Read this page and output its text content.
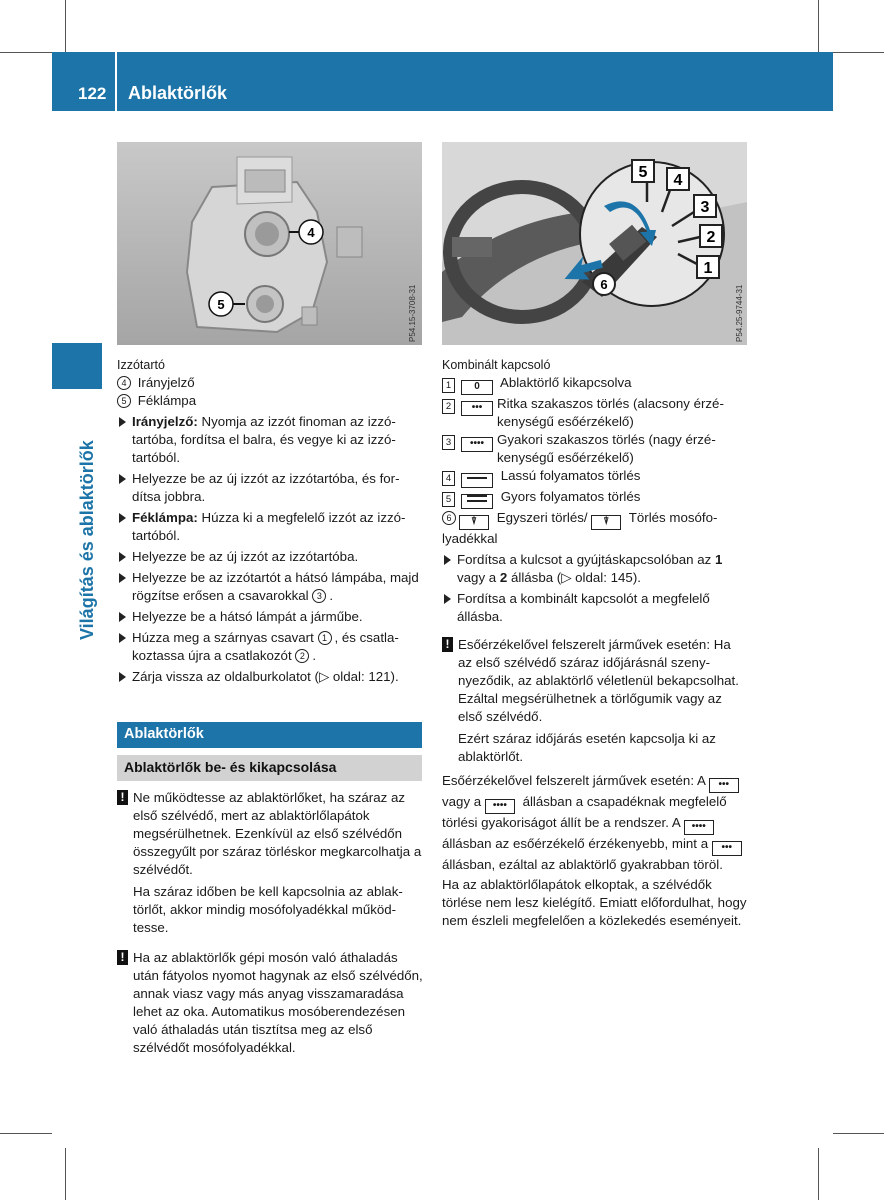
122 Ablaktörlők
Világítás és ablaktörlők
4
5	P54.15-3708-31
5 4
3
2
1
6
P54.25-9744-31

Izzótartó

4 Irányjelző

5 Féklámpa

Irányjelző: Nyomja az izzót finoman az izzótartóba, fordítsa el balra, és vegye ki az izzótartóból.

Helyezze be az új izzót az izzótartóba, és fordítsa jobbra.

Féklámpa: Húzza ki a megfelelő izzót az izzótartóból.

Helyezze be az új izzót az izzótartóba.

Helyezze be az izzótartót a hátsó lámpába, majd rögzítse erősen a csavarokkal 3 .

Helyezze be a hátsó lámpát a járműbe.

Húzza meg a szárnyas csavart 1 , és csatlakoztassa újra a csatlakozót 2 .

Zárja vissza az oldalburkolatot (▷ oldal: 121).

Ablaktörlők
Ablaktörlők be- és kikapcsolása

! Ne működtesse az ablaktörlőket, ha száraz az első szélvédő, mert az ablaktörlőlapátok megsérülhetnek. Ezenkívül az első szélvédőn összegyűlt por száraz törléskor megkarcolhatja a szélvédőt.

Ha száraz időben be kell kapcsolnia az ablaktörlőt, akkor mindig mosófolyadékkal működtesse.

! Ha az ablaktörlők gépi mosón való áthaladás után fátyolos nyomot hagynak az első szélvédőn, annak viasz vagy más anyag visszamaradása lehet az oka. Automatikus mosóberendezésen való áthaladás után tisztítsa meg az első szélvédőt mosófolyadékkal.

Kombinált kapcsoló

1 0 Ablaktörlő kikapcsolva

2 •••	Ritka szakaszos törlés (alacsony érzékenységű esőérzékelő)
3 •••• Gyakori szakaszos törlés (nagy érzékenységű esőérzékelő)

4	Lassú folyamatos törlés

5	Gyors folyamatos törlés

6 ⍒ Egyszeri törlés/ ⍒ Törlés mosófolyadékkal

Fordítsa a kulcsot a gyújtáskapcsolóban az 1 vagy a 2 állásba (▷ oldal: 145).

Fordítsa a kombinált kapcsolót a megfelelő állásba.

! Esőérzékelővel felszerelt járművek esetén: Ha az első szélvédő száraz időjárásnál szenynyeződik, az ablaktörlő véletlenül bekapcsolhat. Ezáltal megsérülhetnek a törlőgumik vagy az első szélvédő.

Ezért száraz időjárás esetén kapcsolja ki az ablaktörlőt.

Esőérzékelővel felszerelt járművek esetén: A ••• vagy a •••• állásban a csapadéknak megfelelő törlési gyakoriságot állít be a rendszer. A •••• állásban az esőérzékelő érzékenyebb, mint a ••• állásban, ezáltal az ablaktörlő gyakrabban töröl.

Ha az ablaktörlőlapátok elkoptak, a szélvédők törlése nem lesz kielégítő. Emiatt előfordulhat, hogy nem észleli megfelelően a közlekedés eseményeit.
